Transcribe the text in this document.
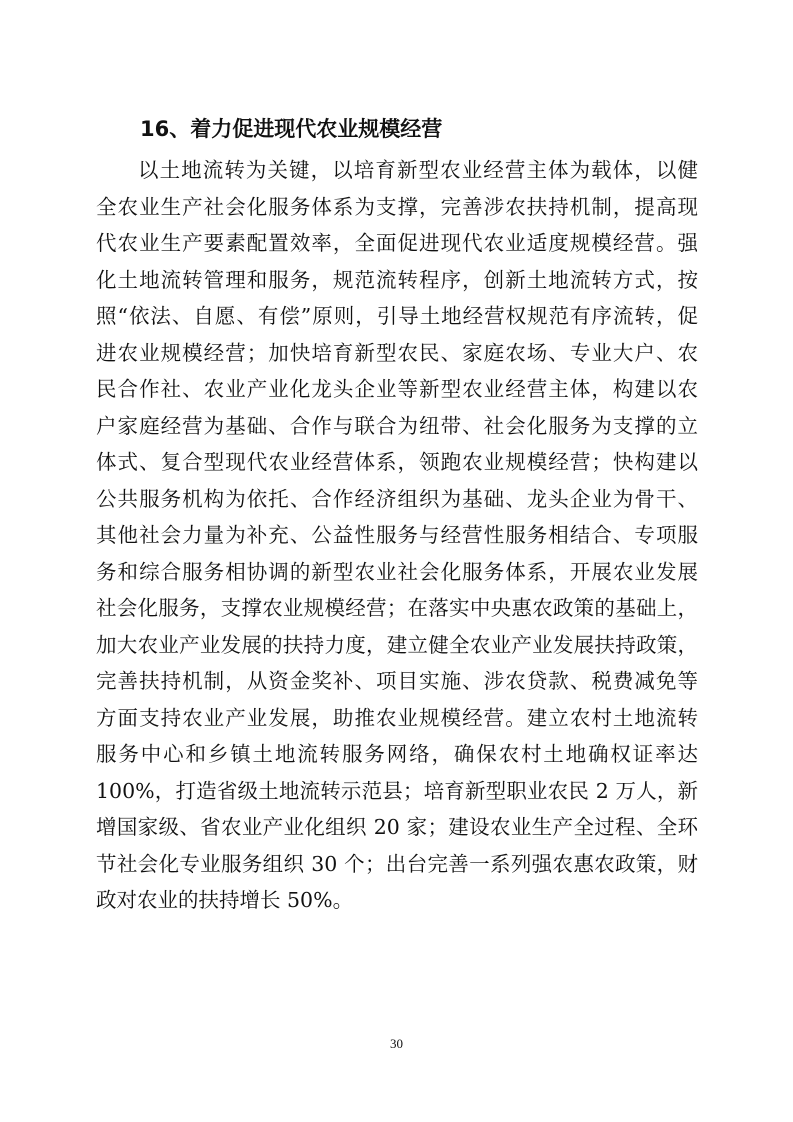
16、着力促进现代农业规模经营
以土地流转为关键，以培育新型农业经营主体为载体，以健
全农业生产社会化服务体系为支撑，完善涉农扶持机制，提高现
代农业生产要素配置效率，全面促进现代农业适度规模经营。强
化土地流转管理和服务，规范流转程序，创新土地流转方式，按
照“依法、自愿、有偿”原则，引导土地经营权规范有序流转，促
进农业规模经营；加快培育新型农民、家庭农场、专业大户、农
民合作社、农业产业化龙头企业等新型农业经营主体，构建以农
户家庭经营为基础、合作与联合为纽带、社会化服务为支撑的立
体式、复合型现代农业经营体系，领跑农业规模经营；快构建以
公共服务机构为依托、合作经济组织为基础、龙头企业为骨干、
其他社会力量为补充、公益性服务与经营性服务相结合、专项服
务和综合服务相协调的新型农业社会化服务体系，开展农业发展
社会化服务，支撑农业规模经营；在落实中央惠农政策的基础上，
加大农业产业发展的扶持力度，建立健全农业产业发展扶持政策，
完善扶持机制，从资金奖补、项目实施、涉农贷款、税费减免等
方面支持农业产业发展，助推农业规模经营。建立农村土地流转
服务中心和乡镇土地流转服务网络，确保农村土地确权证率达
100%，打造省级土地流转示范县；培育新型职业农民 2 万人，新
增国家级、省农业产业化组织 20 家；建设农业生产全过程、全环
节社会化专业服务组织 30 个；出台完善一系列强农惠农政策，财
政对农业的扶持增长 50%。
30
